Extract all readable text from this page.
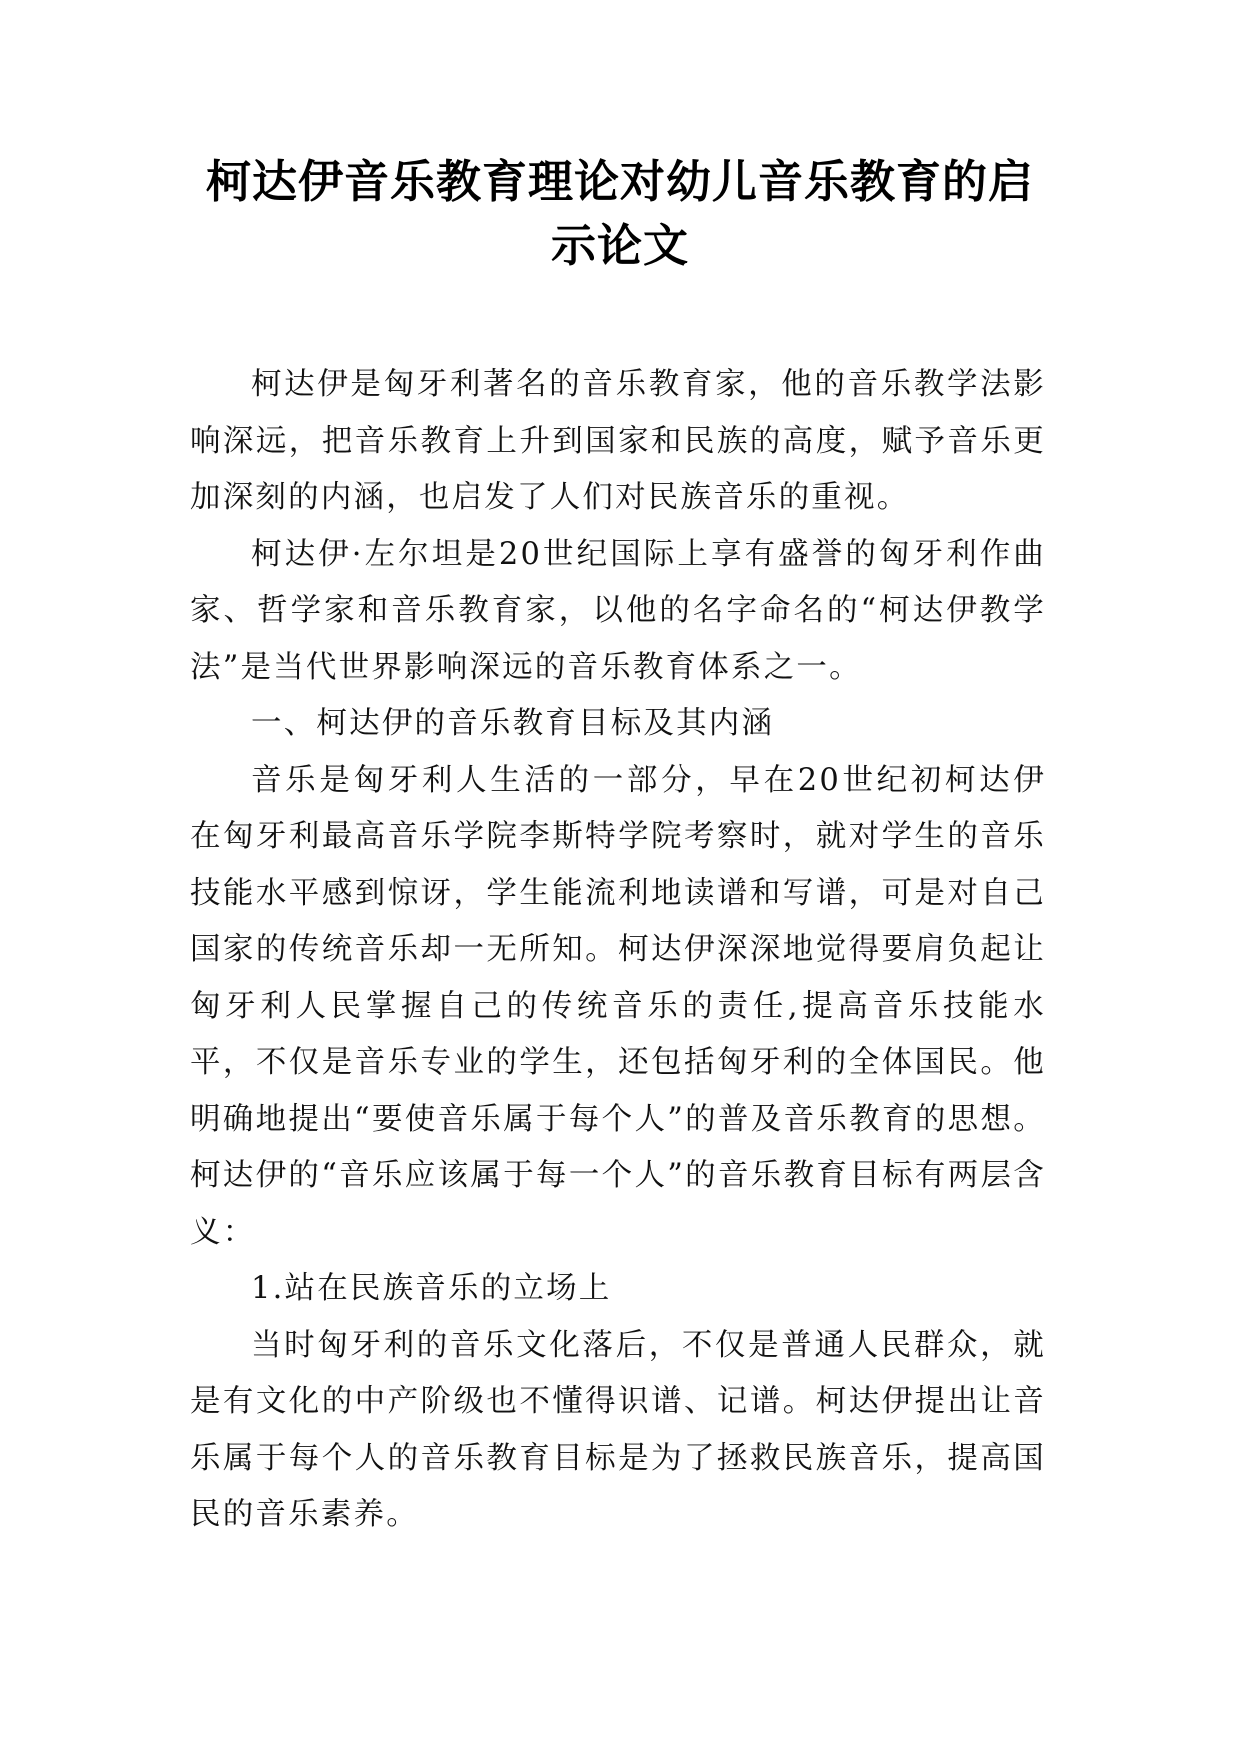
柯达伊音乐教育理论对幼儿音乐教育的启示论文

柯达伊是匈牙利著名的音乐教育家，他的音乐教学法影响深远，把音乐教育上升到国家和民族的高度，赋予音乐更加深刻的内涵，也启发了人们对民族音乐的重视。

柯达伊·左尔坦是20世纪国际上享有盛誉的匈牙利作曲家、哲学家和音乐教育家，以他的名字命名的“柯达伊教学法”是当代世界影响深远的音乐教育体系之一。

一、柯达伊的音乐教育目标及其内涵

音乐是匈牙利人生活的一部分，早在20世纪初柯达伊在匈牙利最高音乐学院李斯特学院考察时，就对学生的音乐技能水平感到惊讶，学生能流利地读谱和写谱，可是对自己国家的传统音乐却一无所知。柯达伊深深地觉得要肩负起让匈牙利人民掌握自己的传统音乐的责任,提高音乐技能水平，不仅是音乐专业的学生，还包括匈牙利的全体国民。他明确地提出“要使音乐属于每个人”的普及音乐教育的思想。柯达伊的“音乐应该属于每一个人”的音乐教育目标有两层含义：

1.站在民族音乐的立场上

当时匈牙利的音乐文化落后，不仅是普通人民群众，就是有文化的中产阶级也不懂得识谱、记谱。柯达伊提出让音乐属于每个人的音乐教育目标是为了拯救民族音乐，提高国民的音乐素养。
